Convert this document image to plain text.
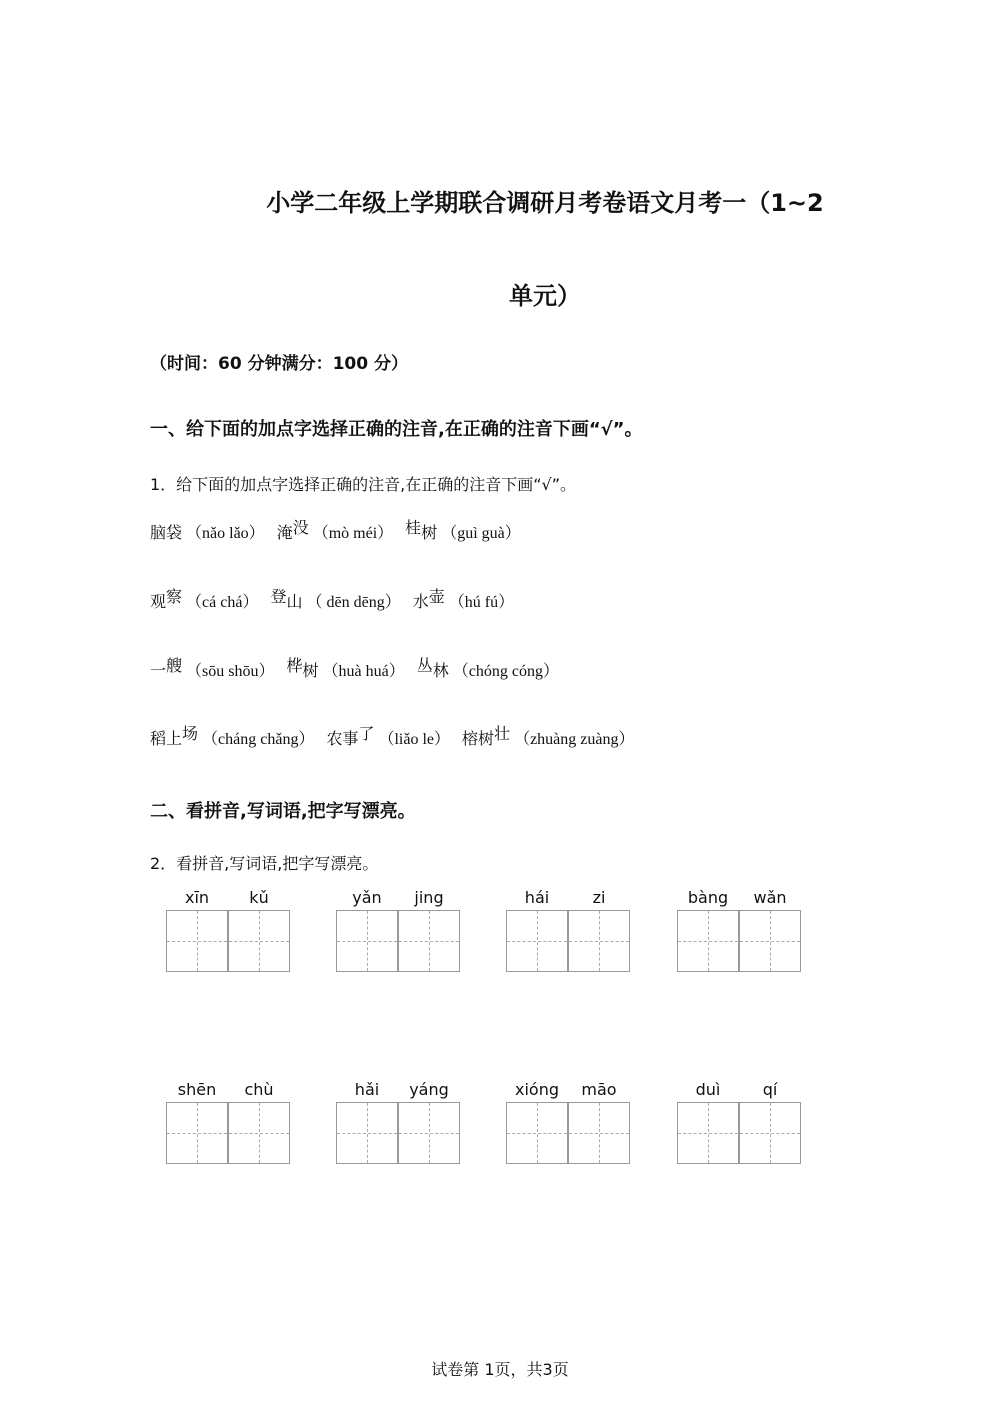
小学二年级上学期联合调研月考卷语文月考一（1~2
单元）

（时间：60 分钟满分：100 分）

一、给下面的加点字选择正确的注音,在正确的注音下画“√”。

1．给下面的加点字选择正确的注音,在正确的注音下画“√”。

脑袋 （nǎo lǎo） 淹没 （mò méi） 桂树 （guì guà）
观察 （cá chá） 登山 （ dēn dēng） 水壶 （hú fú）
一艘 （sōu shōu） 桦树 （huà huá） 丛林 （chóng cóng）
稻上场 （cháng chǎng） 农事了 （liǎo le） 榕树壮 （zhuàng zuàng）

二、看拼音,写词语,把字写漂亮。

2．看拼音,写词语,把字写漂亮。

xīn	kǔ	yǎn	jing	hái	zi	bàng	wǎn
shēn	chù	hǎi	yáng	xióng	māo	duì	qí

试卷第 1页，共3页
